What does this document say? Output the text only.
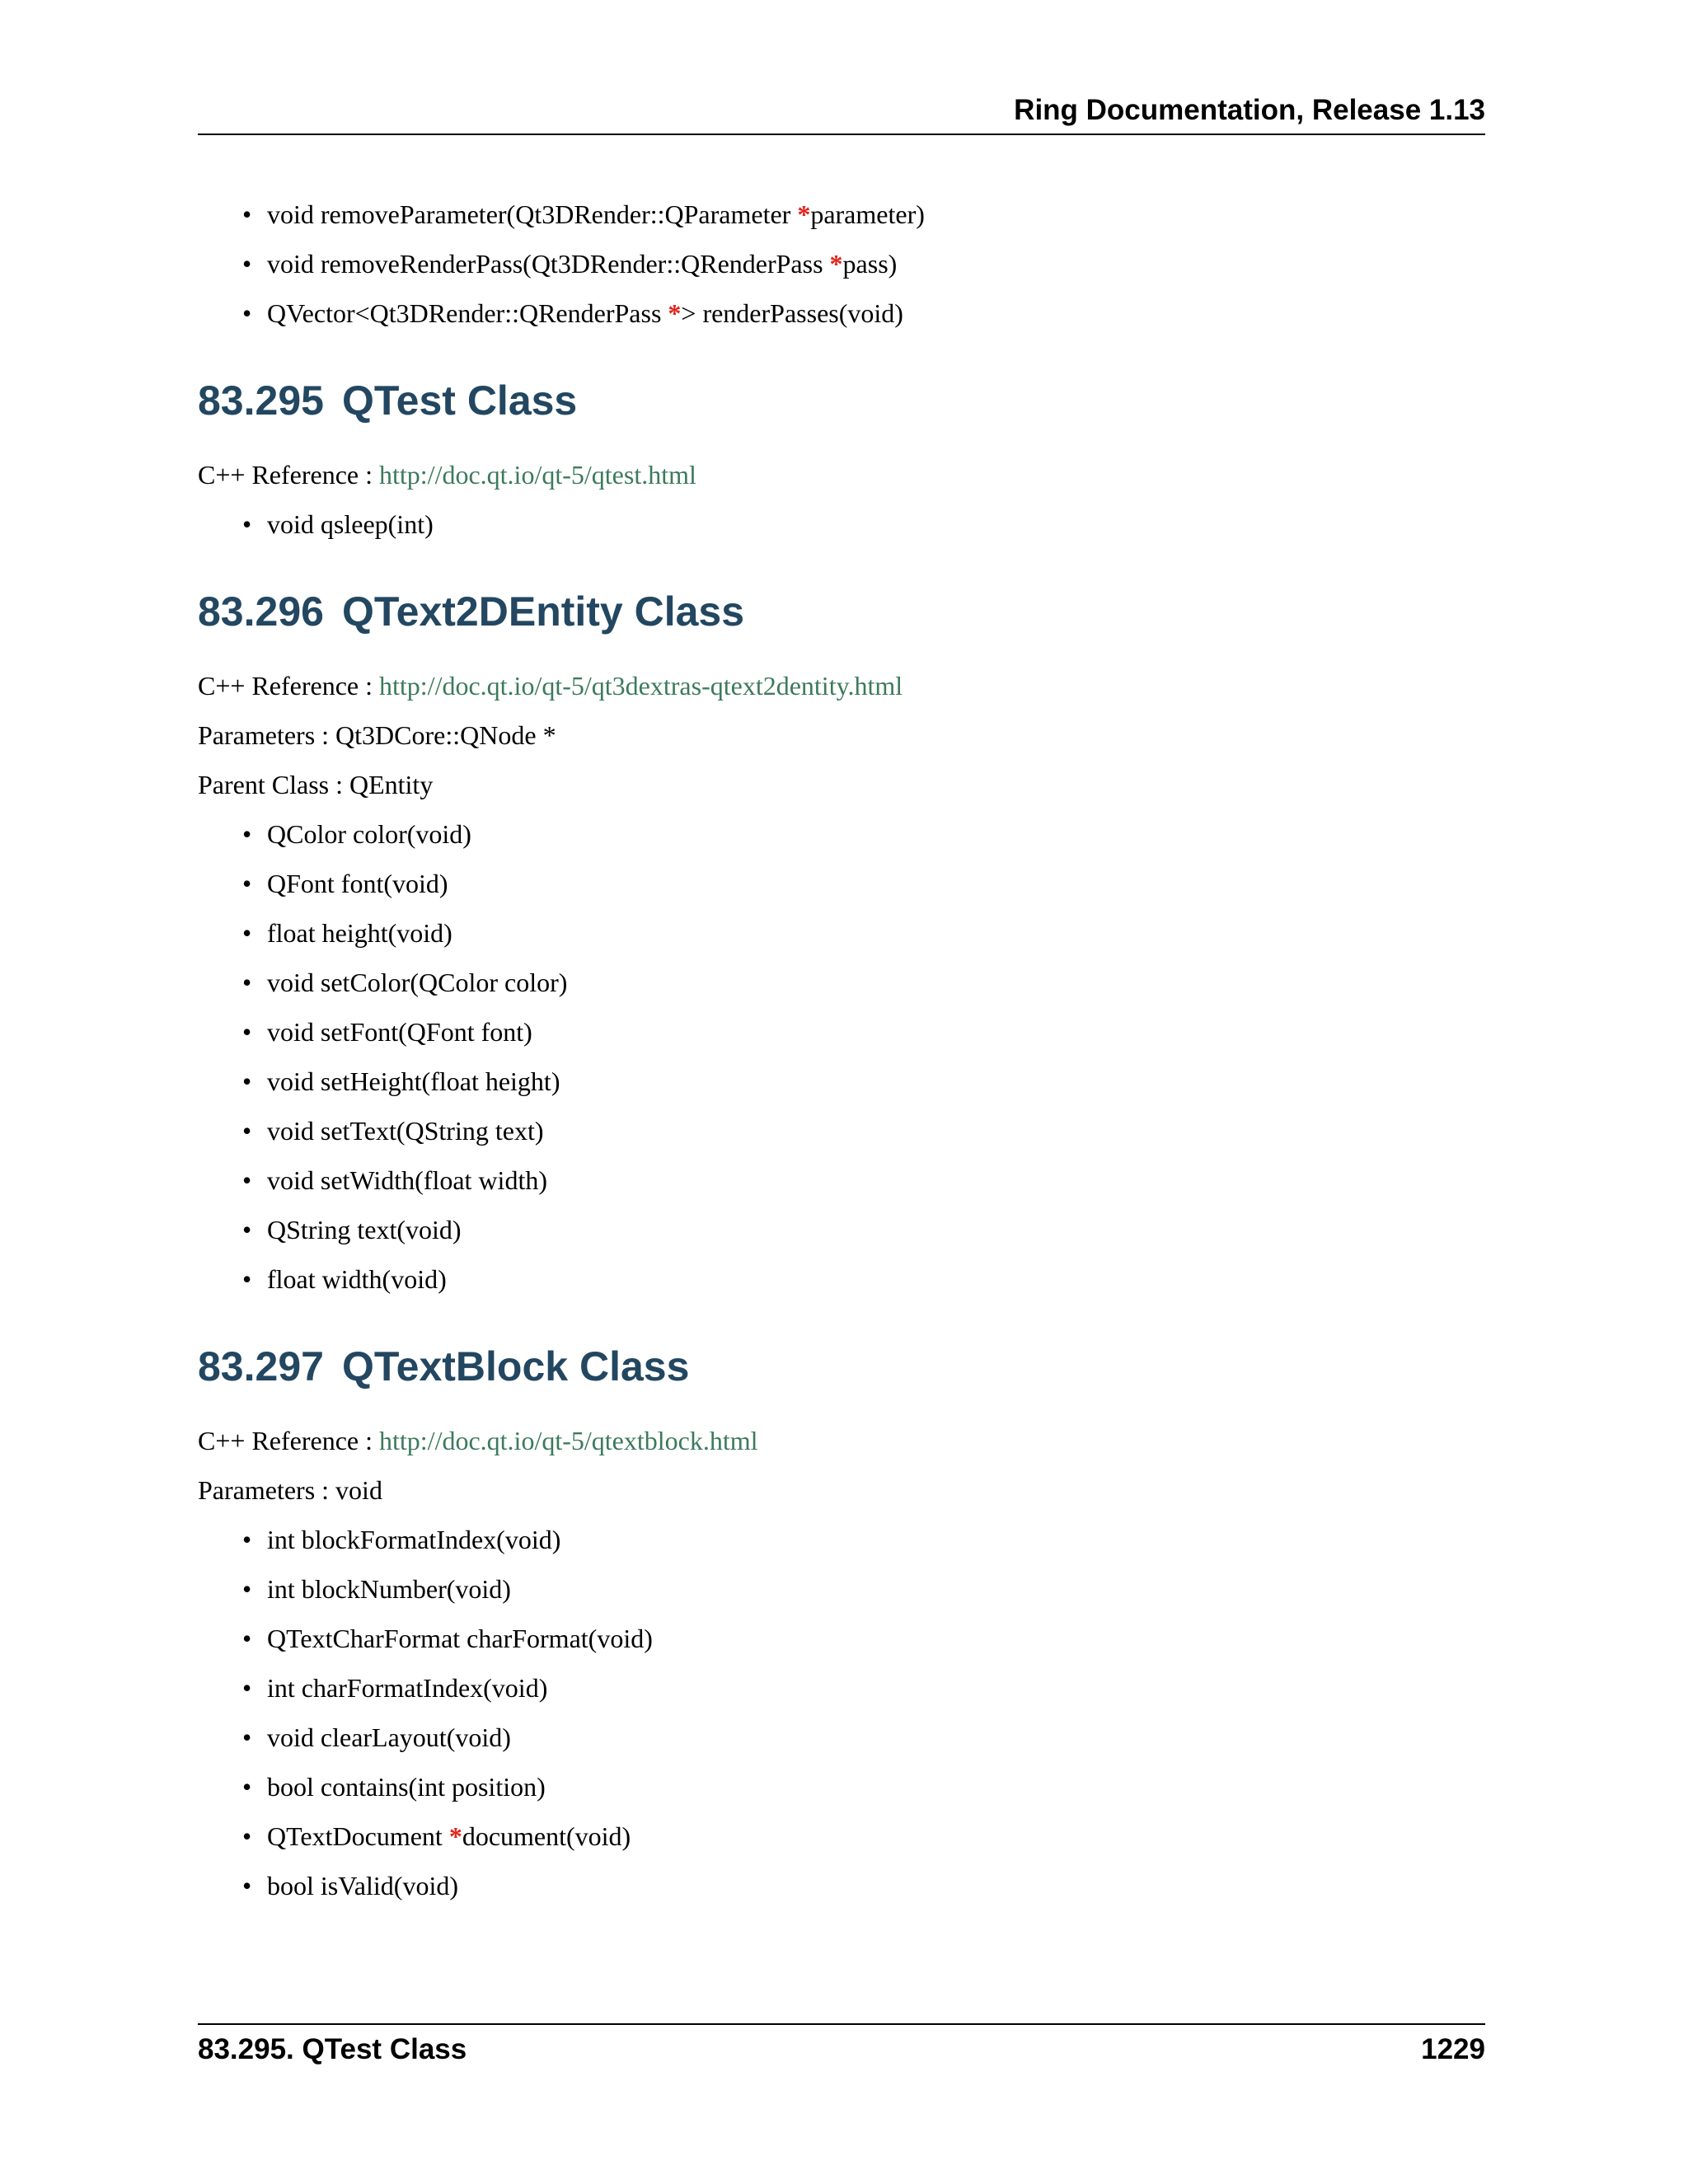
Ring Documentation, Release 1.13
• void removeParameter(Qt3DRender::QParameter *parameter)
• void removeRenderPass(Qt3DRender::QRenderPass *pass)
• QVector<Qt3DRender::QRenderPass *> renderPasses(void)
83.295 QTest Class

C++ Reference : http://doc.qt.io/qt-5/qtest.html

• void qsleep(int)
83.296 QText2DEntity Class

C++ Reference : http://doc.qt.io/qt-5/qt3dextras-qtext2dentity.html

Parameters : Qt3DCore::QNode *

Parent Class : QEntity

• QColor color(void)
• QFont font(void)
• float height(void)
• void setColor(QColor color)
• void setFont(QFont font)
• void setHeight(float height)
• void setText(QString text)
• void setWidth(float width)
• QString text(void)
• float width(void)
83.297 QTextBlock Class

C++ Reference : http://doc.qt.io/qt-5/qtextblock.html

Parameters : void

• int blockFormatIndex(void)
• int blockNumber(void)
• QTextCharFormat charFormat(void)
• int charFormatIndex(void)
• void clearLayout(void)
• bool contains(int position)
• QTextDocument *document(void)
• bool isValid(void)
83.295. QTest Class	1229
